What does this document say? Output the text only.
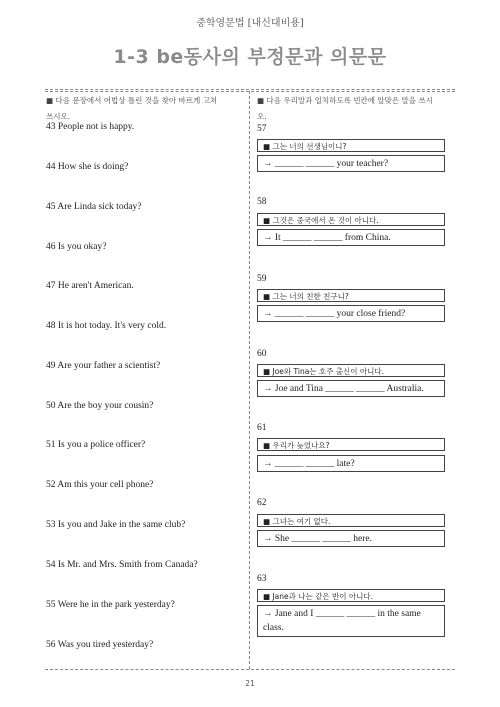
중학영문법 [내신대비용]
1-3 be동사의 부정문과 의문문
■ 다음 문장에서 어법상 틀린 것을 찾아 바르게 고쳐
쓰시오.
43 People not is happy.
44 How she is doing?
45 Are Linda sick today?
46 Is you okay?
47 He aren't American.
48 It is hot today. It's very cold.
49 Are your father a scientist?
50 Are the boy your cousin?
51 Is you a police officer?
52 Am this your cell phone?
53 Is you and Jake in the same club?
54 Is Mr. and Mrs. Smith from Canada?
55 Were he in the park yesterday?
56 Was you tired yesterday?
■ 다음 우리말과 일치하도록 빈칸에 알맞은 말을 쓰시
오.
57
■ 그는 너의 선생님이니?
→ ______ ______ your teacher?
58
■ 그것은 중국에서 온 것이 아니다.
→ It ______ ______ from China.
59
■ 그는 너의 친한 친구니?
→ ______ ______ your close friend?
60
■ Joe와 Tina는 호주 출신이 아니다.
→ Joe and Tina ______ ______ Australia.
61
■ 우리가 늦었나요?
→ ______ ______ late?
62
■ 그녀는 여기 없다.
→ She ______ ______ here.
63
■ Jane과 나는 같은 반이 아니다.
→ Jane and I ______ ______ in the same class.
21
